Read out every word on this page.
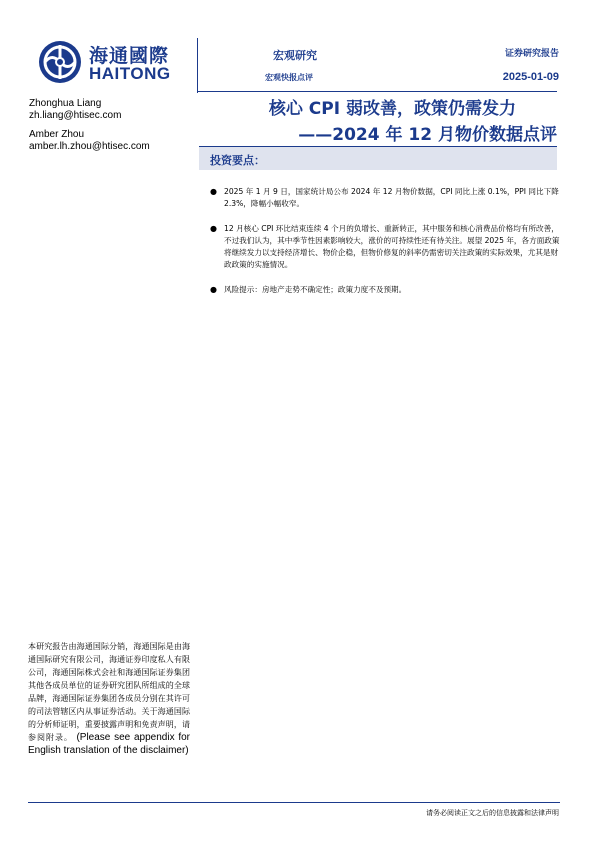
海通國際
HAITONG
宏观研究
宏观快报点评
证券研究报告
2025-01-09
Zhonghua Liang
zh.liang@htisec.com
Amber Zhou
amber.lh.zhou@htisec.com
核心 CPI 弱改善，政策仍需发力
——2024 年 12 月物价数据点评
投资要点：
● 2025 年 1 月 9 日，国家统计局公布 2024 年 12 月物价数据，CPI 同比上涨 0.1%，PPI 同比下降 2.3%，降幅小幅收窄。
● 12 月核心 CPI 环比结束连续 4 个月的负增长、重新转正，其中服务和核心消费品价格均有所改善，不过我们认为，其中季节性因素影响较大，涨价的可持续性还有待关注。展望 2025 年，各方面政策将继续发力以支持经济增长、物价企稳，但物价修复的斜率仍需密切关注政策的实际效果，尤其是财政政策的实施情况。
● 风险提示：房地产走势不确定性；政策力度不及预期。
本研究报告由海通国际分销，海通国际是由海通国际研究有限公司，海通证券印度私人有限公司，海通国际株式会社和海通国际证券集团其他各成员单位的证券研究团队所组成的全球品牌，海通国际证券集团各成员分别在其许可的司法管辖区内从事证券活动。关于海通国际的分析师证明，重要披露声明和免责声明，请参阅附录。 (Please see appendix for English translation of the disclaimer)
请务必阅读正文之后的信息披露和法律声明
